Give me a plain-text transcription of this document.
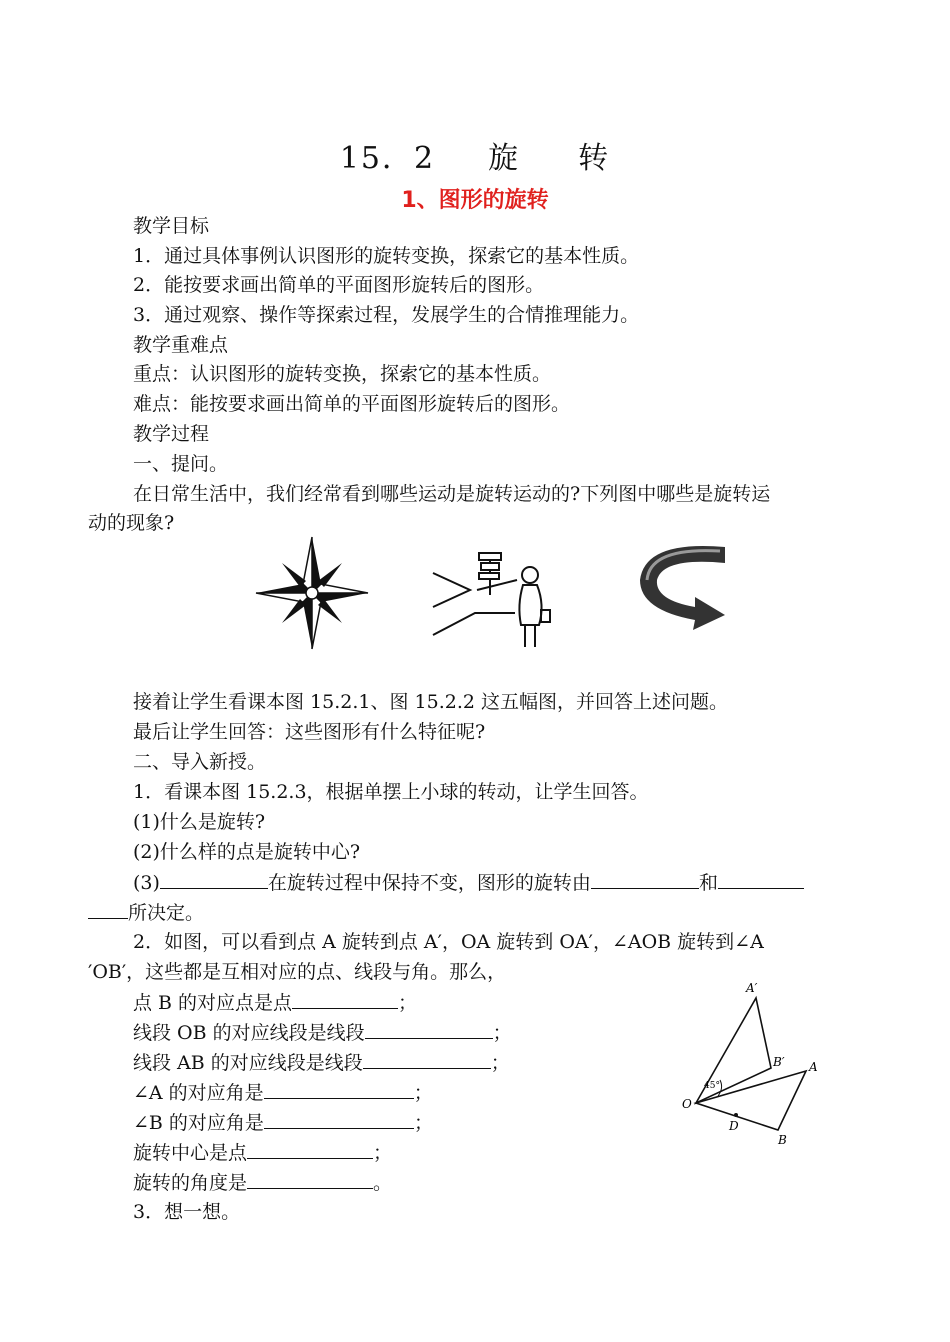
15．2 旋 转
1、图形的旋转
教学目标
1．通过具体事例认识图形的旋转变换，探索它的基本性质。
2．能按要求画出简单的平面图形旋转后的图形。
3．通过观察、操作等探索过程，发展学生的合情推理能力。
教学重难点
重点：认识图形的旋转变换，探索它的基本性质。
难点：能按要求画出简单的平面图形旋转后的图形。
教学过程
一、提问。
在日常生活中，我们经常看到哪些运动是旋转运动的?下列图中哪些是旋转运
动的现象?
接着让学生看课本图 15.2.1、图 15.2.2 这五幅图，并回答上述问题。
最后让学生回答：这些图形有什么特征呢?
二、导入新授。
1．看课本图 15.2.3，根据单摆上小球的转动，让学生回答。
(1)什么是旋转?
(2)什么样的点是旋转中心?
(3)	在旋转过程中保持不变，图形的旋转由	和
所决定。
2．如图，可以看到点 A 旋转到点 A′，OA 旋转到 OA′，∠AOB 旋转到∠A
′OB′，这些都是互相对应的点、线段与角。那么，
点 B 的对应点是点	；
线段 OB 的对应线段是线段	；
线段 AB 的对应线段是线段	；
∠A 的对应角是	；
∠B 的对应角是	；
旋转中心是点	；
旋转的角度是	。
3．想一想。
A′
B′ A
O
D
B
45°
